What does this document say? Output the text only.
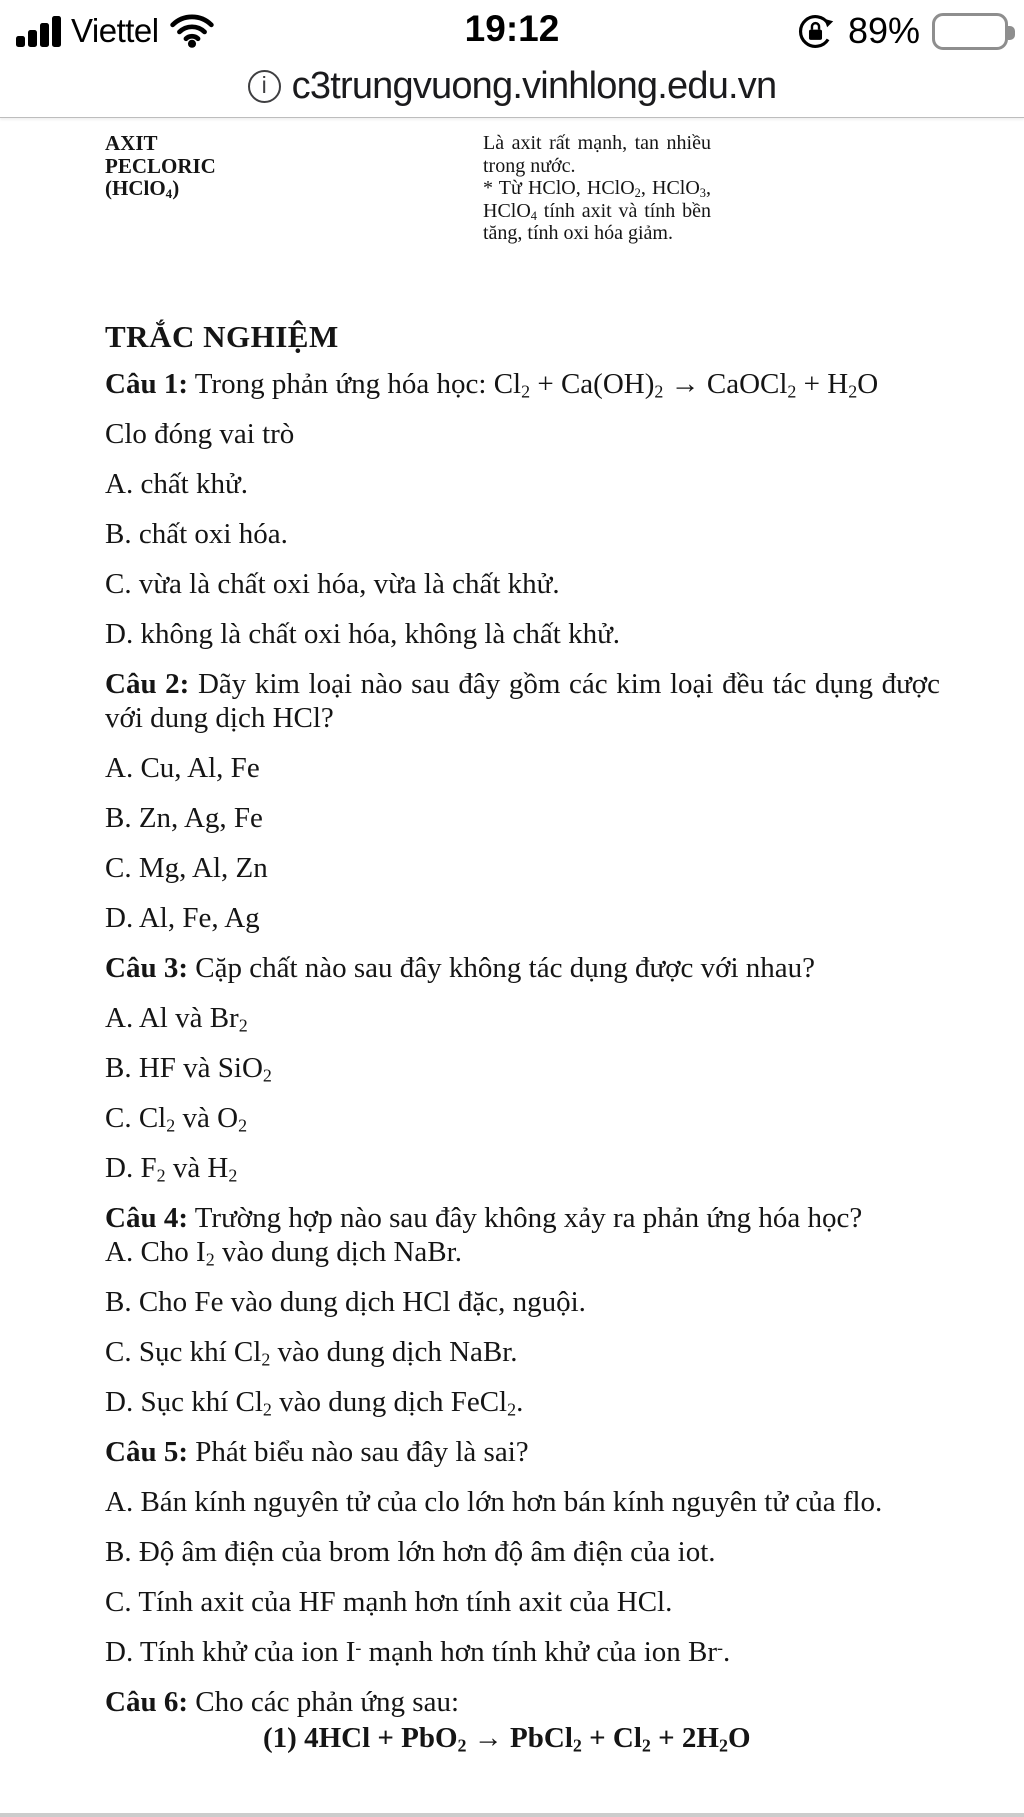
Viettel	19:12	89%
i c3trungvuong.vinhlong.edu.vn
AXIT
PECLORIC
(HClO$_4$)

Là axit rất mạnh, tan nhiều trong nước.

* Từ HClO, HClO$_2$, HClO$_3$, HClO$_4$ tính axit và tính bền tăng, tính oxi hóa giảm.

TRẮC NGHIỆM

Câu 1: Trong phản ứng hóa học: $Cl_2 + Ca(OH)_2$ → CaOCl$_2$ + $H_2O$

Clo đóng vai trò

A. chất khử.

B. chất oxi hóa.

C. vừa là chất oxi hóa, vừa là chất khử.

D. không là chất oxi hóa, không là chất khử.

Câu 2: Dãy kim loại nào sau đây gồm các kim loại đều tác dụng được với dung dịch HCl?

A. Cu, Al, Fe

B. Zn, Ag, Fe

C. Mg, Al, Zn

D. Al, Fe, Ag

Câu 3: Cặp chất nào sau đây không tác dụng được với nhau?

A. Al và $Br_2$

B. HF và SiO$_2$

C. $Cl_2$ và $O_2$

D. $F_2$ và $H_2$

Câu 4: Trường hợp nào sau đây không xảy ra phản ứng hóa học?

A. Cho $I_2$ vào dung dịch NaBr.

B. Cho Fe vào dung dịch HCl đặc, nguội.

C. Sục khí $Cl_2$ vào dung dịch NaBr.

D. Sục khí $Cl_2$ vào dung dịch FeCl$_2$.

Câu 5: Phát biểu nào sau đây là sai?

A. Bán kính nguyên tử của clo lớn hơn bán kính nguyên tử của flo.

B. Độ âm điện của brom lớn hơn độ âm điện của iot.

C. Tính axit của HF mạnh hơn tính axit của HCl.

D. Tính khử của ion I- mạnh hơn tính khử của ion Br-.

Câu 6: Cho các phản ứng sau:

(1) 4HCl + PbO$_2$ → PbCl$_2$ + $Cl_2 + 2H_2O$
